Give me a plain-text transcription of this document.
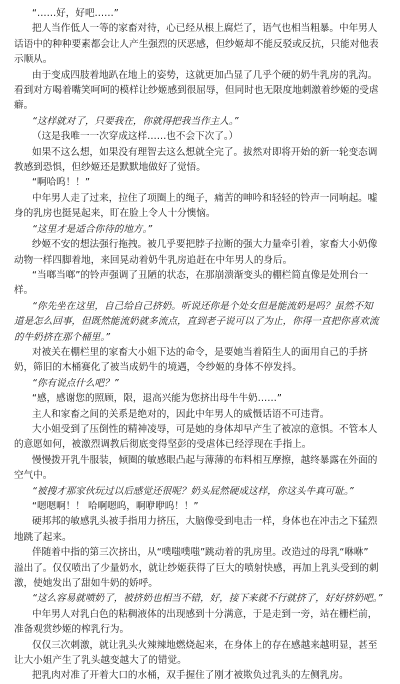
“……好，好吧……”

把人当作低人一等的家畜对待，心已经从根上腐烂了，语气也相当粗暴。中年男人

话语中的种种要素都会让人产生强烈的厌恶感，但纱姬却不能反驳或反抗，只能对他表

示顺从。

由于变成四肢着地趴在地上的姿势，这就更加凸显了几乎个硬的奶牛乳房的乳沟。

看到对方喝着嘴笑呵呵的模样让纱姬感到很屈辱，但同时也无限度地刺激着纱姬的受虐

癖。

“这样就对了，只要我在，你就得把我当作主人。”

（这是我唯一一次穿成这样……也不会下次了。）

如果不这么想，如果没有理智去这么想就全完了。拔然对即将开始的新一轮变态调

教感到恐惧，但纱姬还是默默地做好了觉悟。

“啊哈呜！！”

中年男人走了过来，拉住了项圈上的绳子，痛苦的呻吟和轻轻的铃声一同响起。嘘

身的乳房也挺晃起来，盯在脸上令人十分懊恼。

“这里才是适合你待的地方。”

纱姬不安的想法强行拖拽。被几乎要把脖子拉断的强大力量牵引着，家畜大小奶像

动物一样四脚着地，来回晃动着奶牛乳房追赶在中年男人的身后。

“当啷当啷”的铃声强调了丑陋的状态，在那崩溃渐变头的棚栏简直像是处刑台一

样。

“你先坐在这里，自己给自己挤奶。听说还你是个处女但是能流奶是吗？虽然不知

道是怎么回事，但既然能流奶就多流点，直到老子说可以了为止，你得一直把你喜欢流

的牛奶挤在那个桶里。”

对被关在棚栏里的家畜大小姐下达的命令，是要她当着陌生人的面用自己的手挤

奶，筛旧的木桶赛化了被当成奶牛的境遇，令纱姬的身体不停发抖。

“你有说点什么吧？”

“感，感谢您的照顾，限，退高兴能为您挤出母牛牛奶……”

主人和家畜之间的关系是绝对的，因此中年男人的威慑话语不可违背。

大小姐受到了压倒性的精神凌辱，可是她的身体却早产生了被凉的意惧。不管本人

的意愿如何，被激烈调教后彻底变得坚彭的受虐体已经浮现在手指上。

慢慢拨开乳牛服装，倾圈的敏感眼凸起与薄薄的布料相互摩擦，越终暴露在外面的

空气中。

“被搜才那家伙玩过以后感觉还很呢？奶头屁然硬成这样，你这头牛真可耻。”

“嗯嗯啊！！ 哈啊嗯呜，啊咿咿呜！！”

硬邦邦的敏感乳头被手指用力挤压，大脑像受到电击一样，身体也在冲击之下猛烈

地跳了起来。

伴随着中指的第三次挤出，从“噗嗤噗嗤”跳动着的乳房里。改造过的母乳“咻咻”

溢出了。仅仅喷出了少量奶水，就让纱姬获得了巨大的喷射快感，再加上乳头受到的刺

激，使她发出了甜如牛奶的娇呼。

“这么容易就喷奶了，被挤奶也相当不错，好，接下来就不行就挤了，好好挤奶吧。”

中年男人对乳白色的粘稠液体的出现感到十分满意，于是走到一旁，站在栅栏前，

准备观赏纱姬的榨乳行为。

仅仅三次刺激，就让乳头火辣辣地燃烧起来，在身体上的存在感越来越明显，甚至

让大小姐产生了乳头越变越大了的错觉。

把乳肉对准了开着大口的水桶，双手握住了刚才被欺负过乳头的左侧乳房。
